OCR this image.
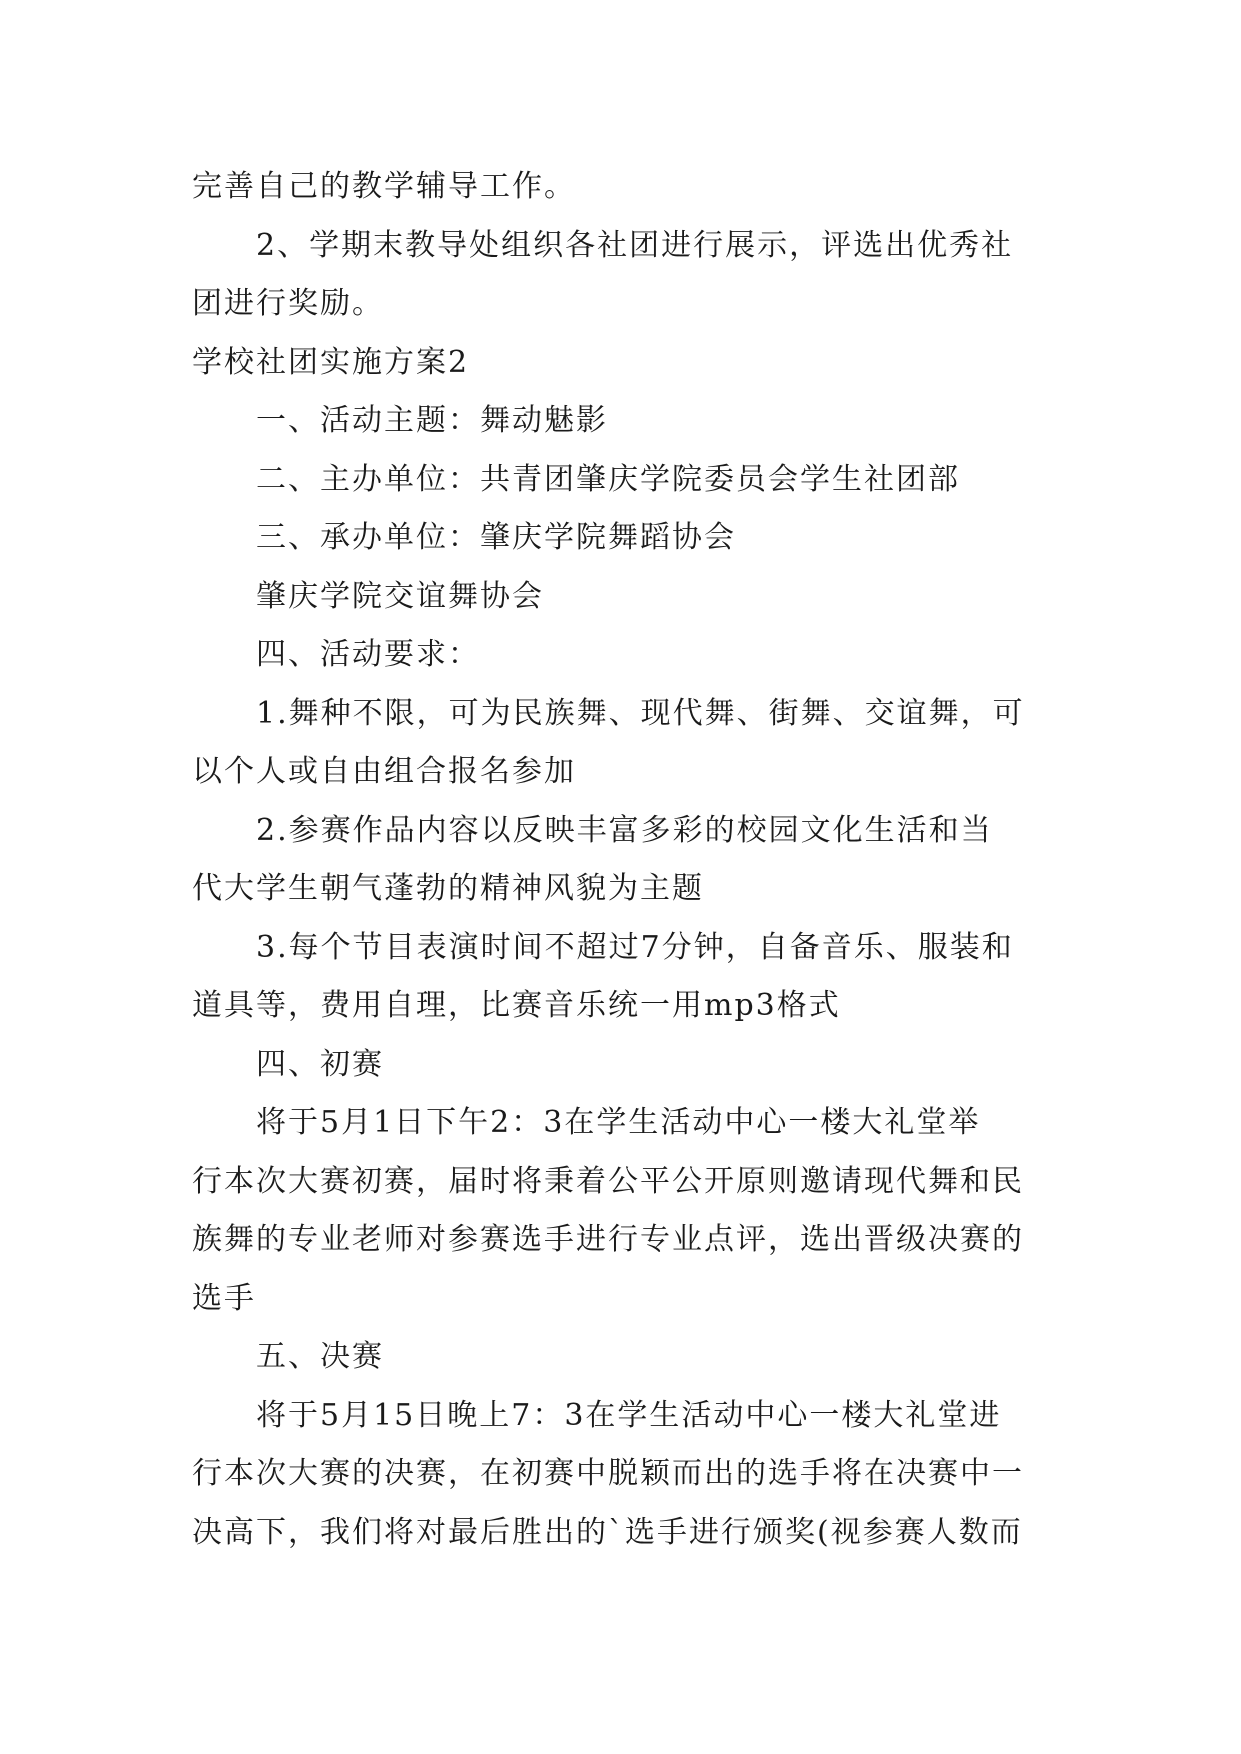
完善自己的教学辅导工作。
2、学期末教导处组织各社团进行展示，评选出优秀社
团进行奖励。
学校社团实施方案2
一、活动主题：舞动魅影
二、主办单位：共青团肇庆学院委员会学生社团部
三、承办单位：肇庆学院舞蹈协会
肇庆学院交谊舞协会
四、活动要求：
1.舞种不限，可为民族舞、现代舞、街舞、交谊舞，可
以个人或自由组合报名参加
2.参赛作品内容以反映丰富多彩的校园文化生活和当
代大学生朝气蓬勃的精神风貌为主题
3.每个节目表演时间不超过7分钟，自备音乐、服装和
道具等，费用自理，比赛音乐统一用mp3格式
四、初赛
将于5月1日下午2：3在学生活动中心一楼大礼堂举
行本次大赛初赛，届时将秉着公平公开原则邀请现代舞和民
族舞的专业老师对参赛选手进行专业点评，选出晋级决赛的
选手
五、决赛
将于5月15日晚上7：3在学生活动中心一楼大礼堂进
行本次大赛的决赛，在初赛中脱颖而出的选手将在决赛中一
决高下，我们将对最后胜出的`选手进行颁奖(视参赛人数而
